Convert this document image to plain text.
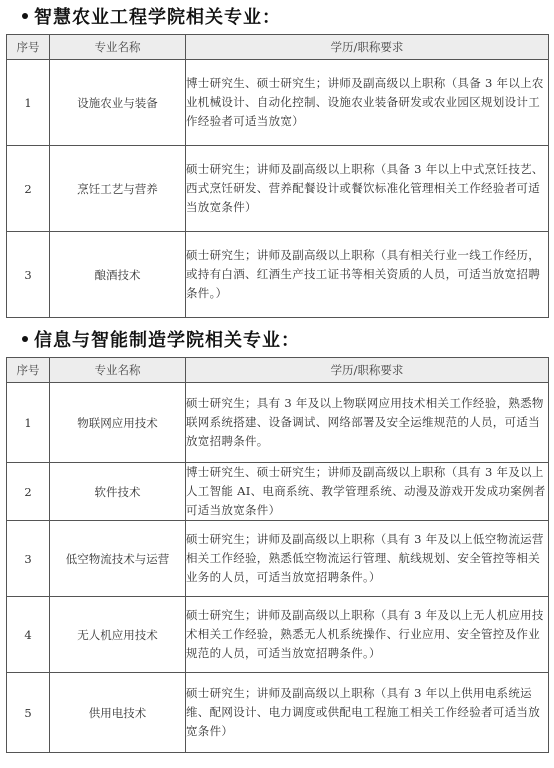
智慧农业工程学院相关专业：
序号	专业名称	学历/职称要求
1	设施农业与装备	博士研究生、硕士研究生；讲师及副高级以上职称（具备 3 年以上农业机械设计、自动化控制、设施农业装备研发或农业园区规划设计工作经验者可适当放宽）
2	烹饪工艺与营养	硕士研究生；讲师及副高级以上职称（具备 3 年以上中式烹饪技艺、西式烹饪研发、营养配餐设计或餐饮标准化管理相关工作经验者可适当放宽条件）
3	酿酒技术	硕士研究生；讲师及副高级以上职称（具有相关行业一线工作经历，或持有白酒、红酒生产技工证书等相关资质的人员，可适当放宽招聘条件。）
信息与智能制造学院相关专业：
序号	专业名称	学历/职称要求
1	物联网应用技术	硕士研究生；具有 3 年及以上物联网应用技术相关工作经验，熟悉物联网系统搭建、设备调试、网络部署及安全运维规范的人员，可适当放宽招聘条件。
2	软件技术	博士研究生、硕士研究生；讲师及副高级以上职称（具有 3 年及以上人工智能 AI、电商系统、教学管理系统、动漫及游戏开发成功案例者可适当放宽条件）
3	低空物流技术与运营	硕士研究生；讲师及副高级以上职称（具有 3 年及以上低空物流运营相关工作经验，熟悉低空物流运行管理、航线规划、安全管控等相关业务的人员，可适当放宽招聘条件。）
4	无人机应用技术	硕士研究生；讲师及副高级以上职称（具有 3 年及以上无人机应用技术相关工作经验，熟悉无人机系统操作、行业应用、安全管控及作业规范的人员，可适当放宽招聘条件。）
5	供用电技术	硕士研究生；讲师及副高级以上职称（具有 3 年以上供用电系统运维、配网设计、电力调度或供配电工程施工相关工作经验者可适当放宽条件）
